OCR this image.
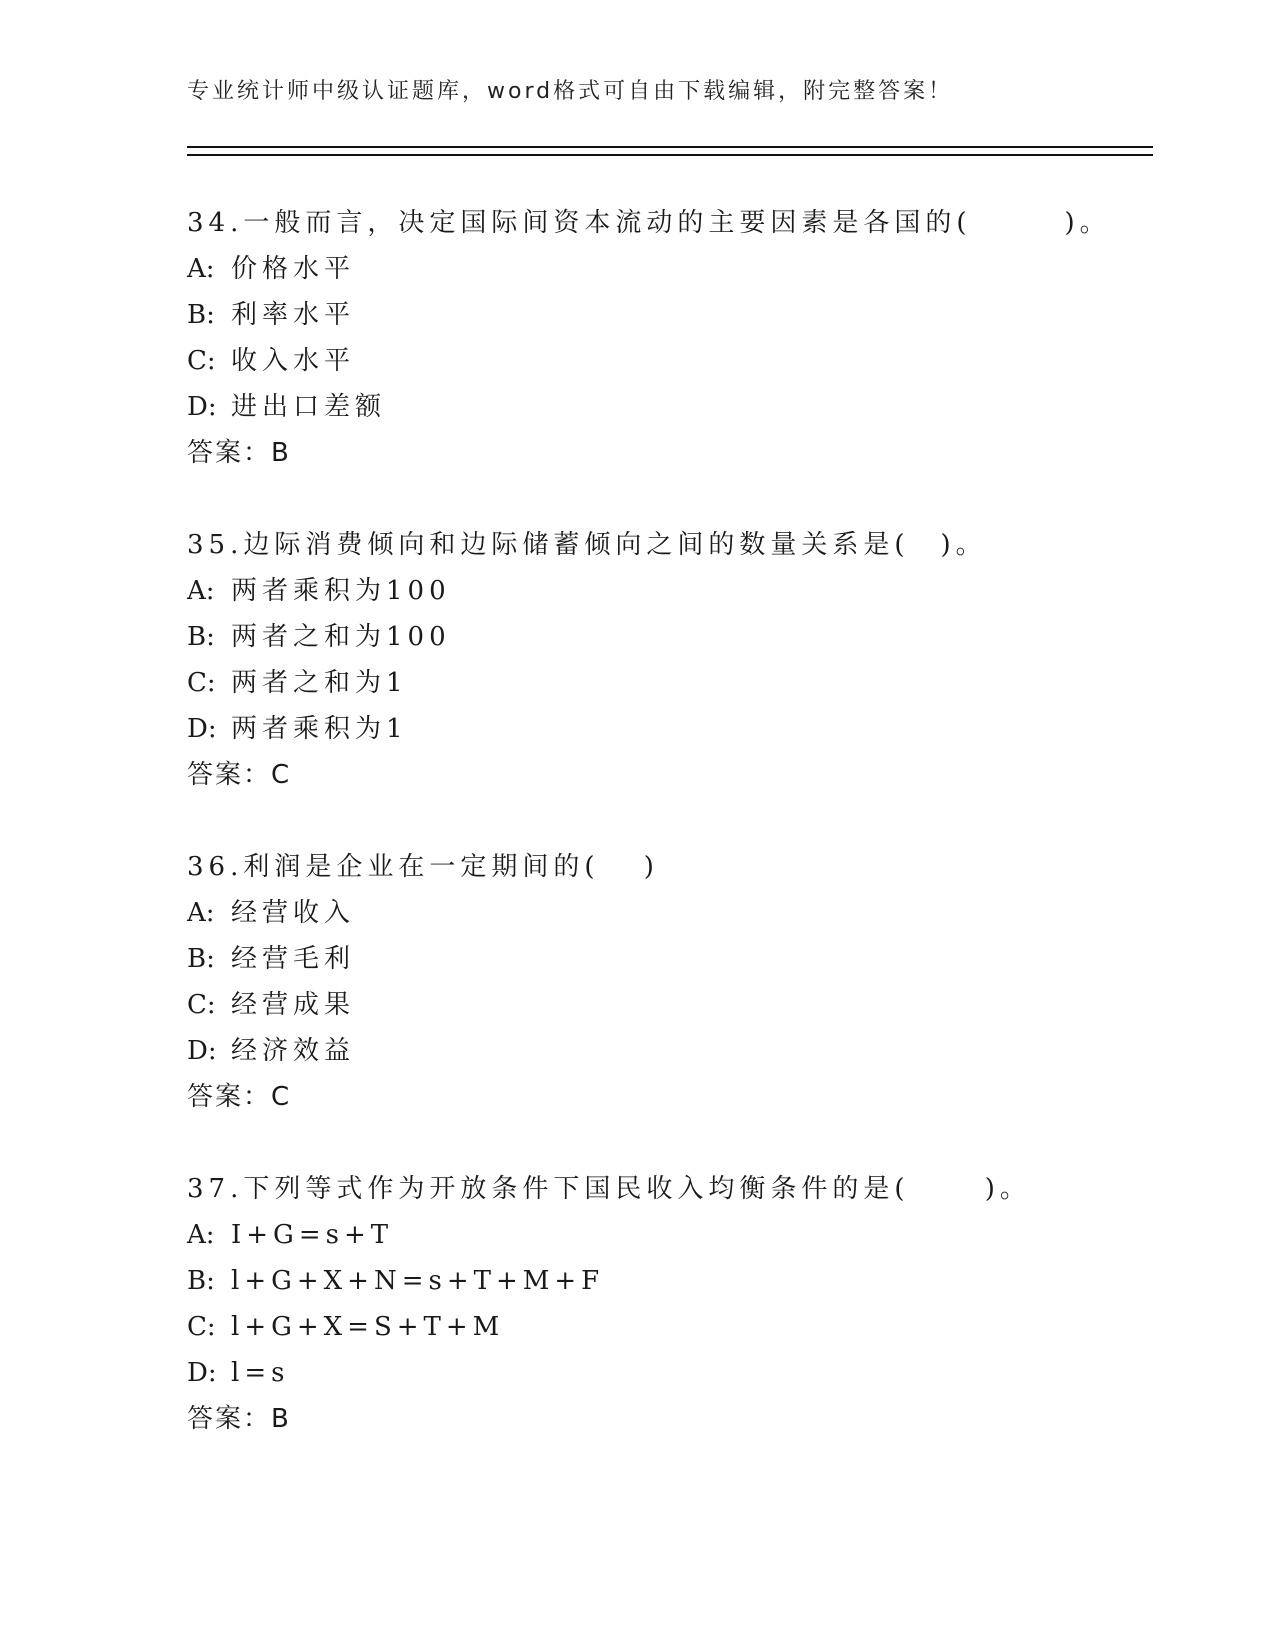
专业统计师中级认证题库，word格式可自由下载编辑，附完整答案！
34.一般而言，决定国际间资本流动的主要因素是各国的(　　　)。
A: 价格水平
B: 利率水平
C: 收入水平
D: 进出口差额
答案：B
35.边际消费倾向和边际储蓄倾向之间的数量关系是(　)。
A: 两者乘积为100
B: 两者之和为100
C: 两者之和为1
D: 两者乘积为1
答案：C
36.利润是企业在一定期间的(　 )
A: 经营收入
B: 经营毛利
C: 经营成果
D: 经济效益
答案：C
37.下列等式作为开放条件下国民收入均衡条件的是(　　 )。
A: I+G=s+T
B: l+G+X+N=s+T+M+F
C: l+G+X=S+T+M
D: l=s
答案：B
